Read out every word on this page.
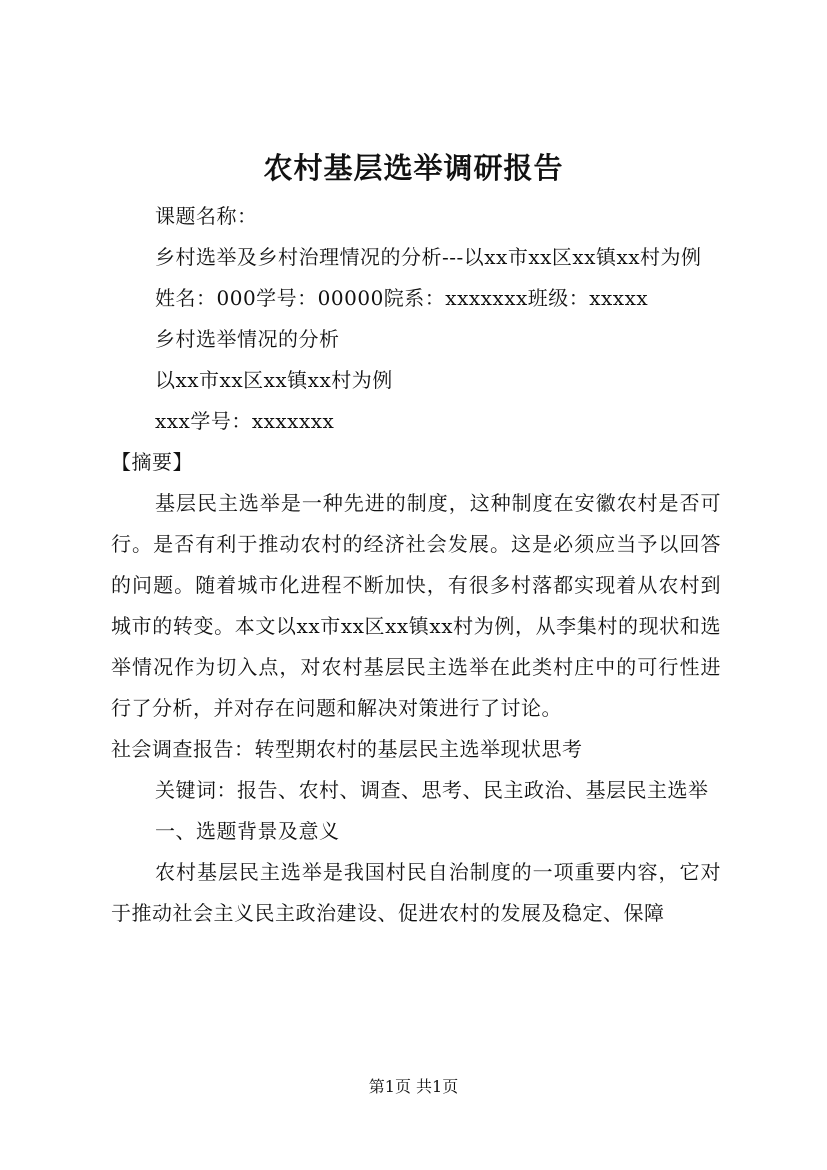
农村基层选举调研报告

课题名称：

乡村选举及乡村治理情况的分析---以xx市xx区xx镇xx村为例

姓名：000学号：00000院系：xxxxxxx班级：xxxxx

乡村选举情况的分析

以xx市xx区xx镇xx村为例

xxx学号：xxxxxxx

【摘要】

基层民主选举是一种先进的制度，这种制度在安徽农村是否可行。是否有利于推动农村的经济社会发展。这是必须应当予以回答的问题。随着城市化进程不断加快，有很多村落都实现着从农村到城市的转变。本文以xx市xx区xx镇xx村为例，从李集村的现状和选举情况作为切入点，对农村基层民主选举在此类村庄中的可行性进行了分析，并对存在问题和解决对策进行了讨论。

社会调查报告：转型期农村的基层民主选举现状思考

关键词：报告、农村、调查、思考、民主政治、基层民主选举

一、选题背景及意义

农村基层民主选举是我国村民自治制度的一项重要内容，它对于推动社会主义民主政治建设、促进农村的发展及稳定、保障

第1页 共1页
